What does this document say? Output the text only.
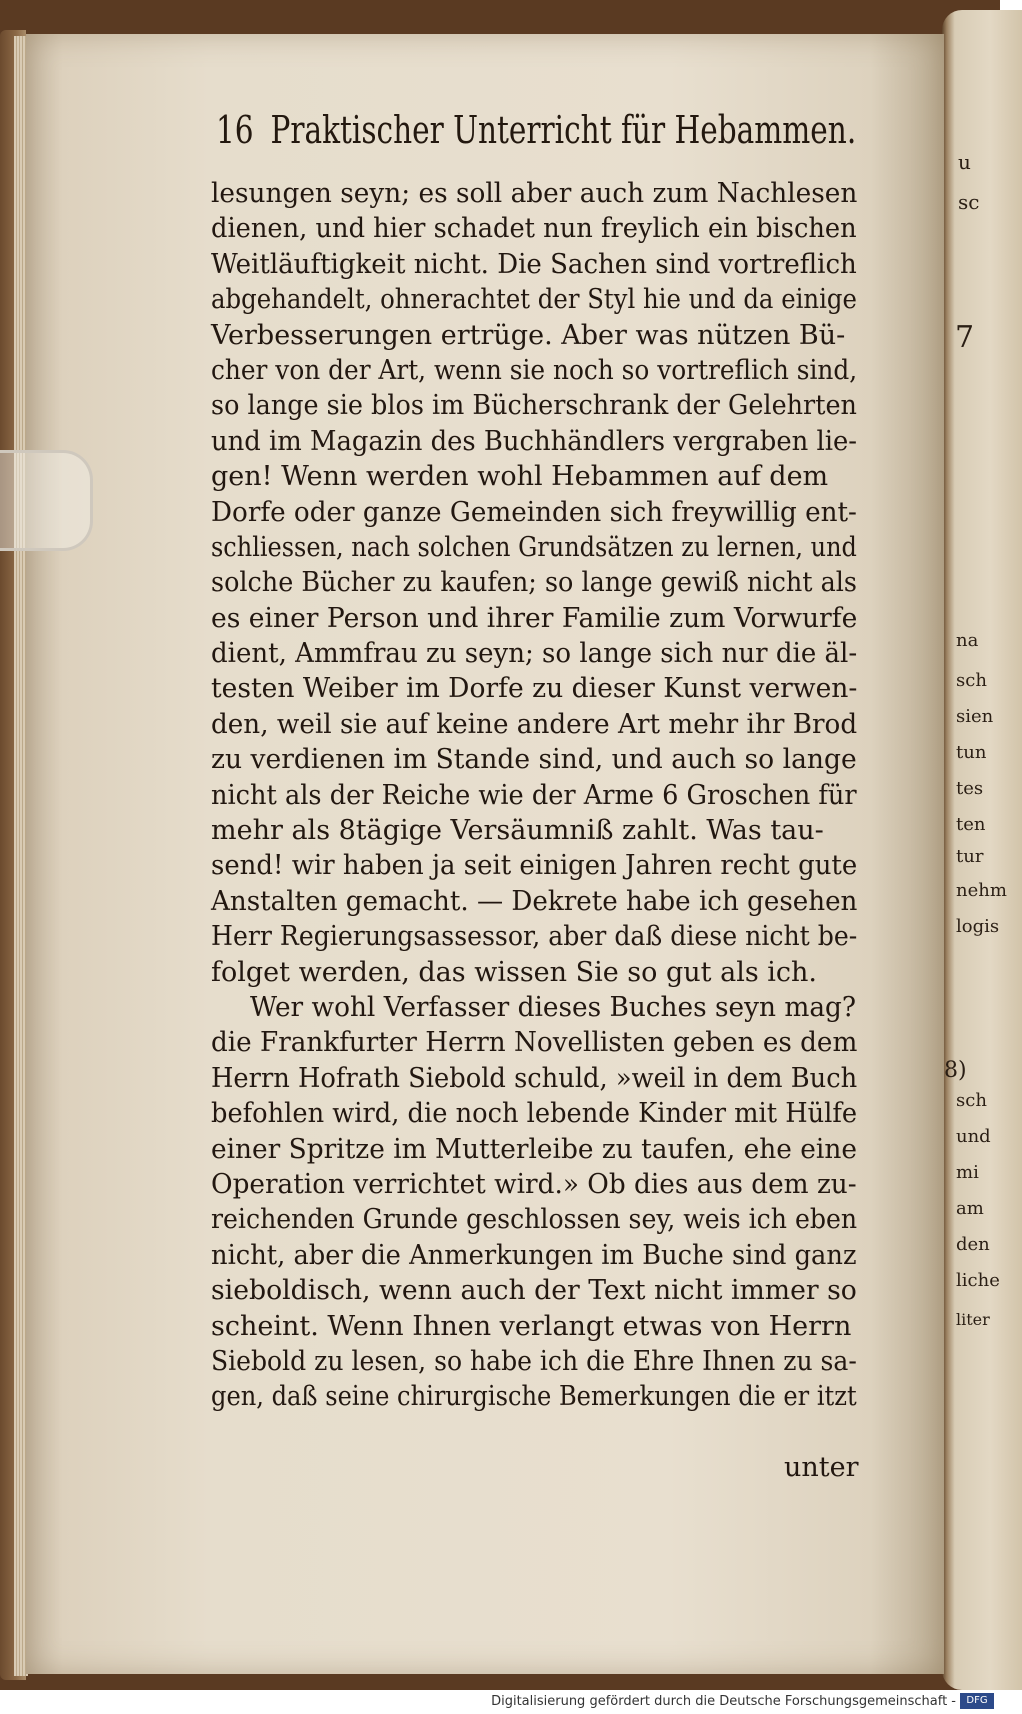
16 Praktischer Unterricht für Hebammen.
lesungen seyn; es soll aber auch zum Nachlesen
dienen, und hier schadet nun freylich ein bischen
Weitläuftigkeit nicht. Die Sachen sind vortreflich
abgehandelt, ohnerachtet der Styl hie und da einige
Verbesserungen ertrüge. Aber was nützen Bü-
cher von der Art, wenn sie noch so vortreflich sind,
so lange sie blos im Bücherschrank der Gelehrten
und im Magazin des Buchhändlers vergraben lie-
gen! Wenn werden wohl Hebammen auf dem
Dorfe oder ganze Gemeinden sich freywillig ent-
schliessen, nach solchen Grundsätzen zu lernen, und
solche Bücher zu kaufen; so lange gewiß nicht als
es einer Person und ihrer Familie zum Vorwurfe
dient, Ammfrau zu seyn; so lange sich nur die äl-
testen Weiber im Dorfe zu dieser Kunst verwen-
den, weil sie auf keine andere Art mehr ihr Brod
zu verdienen im Stande sind, und auch so lange
nicht als der Reiche wie der Arme 6 Groschen für
mehr als 8tägige Versäumniß zahlt. Was tau-
send! wir haben ja seit einigen Jahren recht gute
Anstalten gemacht. — Dekrete habe ich gesehen
Herr Regierungsassessor, aber daß diese nicht be-
folget werden, das wissen Sie so gut als ich.
Wer wohl Verfasser dieses Buches seyn mag?
die Frankfurter Herrn Novellisten geben es dem
Herrn Hofrath Siebold schuld, »weil in dem Buch
befohlen wird, die noch lebende Kinder mit Hülfe
einer Spritze im Mutterleibe zu taufen, ehe eine
Operation verrichtet wird.» Ob dies aus dem zu-
reichenden Grunde geschlossen sey, weis ich eben
nicht, aber die Anmerkungen im Buche sind ganz
sieboldisch, wenn auch der Text nicht immer so
scheint. Wenn Ihnen verlangt etwas von Herrn
Siebold zu lesen, so habe ich die Ehre Ihnen zu sa-
gen, daß seine chirurgische Bemerkungen die er itzt
unter
u
sc
7
na
sch
sien
tun
tes
ten
tur
nehm
logis
8)
sch
und
mi
am
den
liche
liter
Digitalisierung gefördert durch die Deutsche Forschungsgemeinschaft -	DFG
